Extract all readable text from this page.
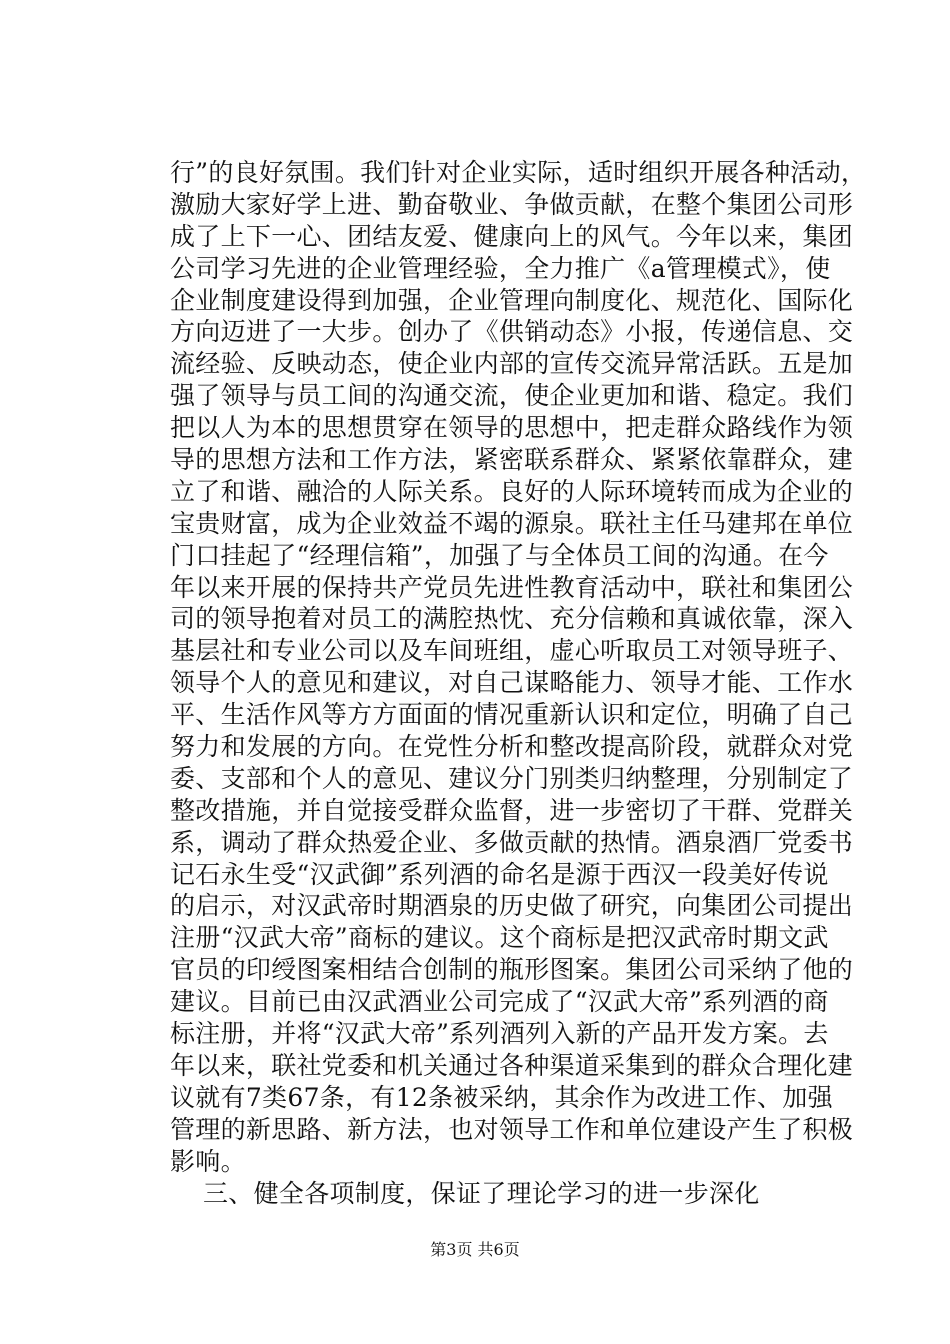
行”的良好氛围。我们针对企业实际，适时组织开展各种活动，
激励大家好学上进、勤奋敬业、争做贡献，在整个集团公司形
成了上下一心、团结友爱、健康向上的风气。今年以来，集团
公司学习先进的企业管理经验，全力推广《a管理模式》，使
企业制度建设得到加强，企业管理向制度化、规范化、国际化
方向迈进了一大步。创办了《供销动态》小报，传递信息、交
流经验、反映动态，使企业内部的宣传交流异常活跃。五是加
强了领导与员工间的沟通交流，使企业更加和谐、稳定。我们
把以人为本的思想贯穿在领导的思想中，把走群众路线作为领
导的思想方法和工作方法，紧密联系群众、紧紧依靠群众，建
立了和谐、融洽的人际关系。良好的人际环境转而成为企业的
宝贵财富，成为企业效益不竭的源泉。联社主任马建邦在单位
门口挂起了“经理信箱”，加强了与全体员工间的沟通。在今
年以来开展的保持共产党员先进性教育活动中，联社和集团公
司的领导抱着对员工的满腔热忱、充分信赖和真诚依靠，深入
基层社和专业公司以及车间班组，虚心听取员工对领导班子、
领导个人的意见和建议，对自己谋略能力、领导才能、工作水
平、生活作风等方方面面的情况重新认识和定位，明确了自己
努力和发展的方向。在党性分析和整改提高阶段，就群众对党
委、支部和个人的意见、建议分门别类归纳整理，分别制定了
整改措施，并自觉接受群众监督，进一步密切了干群、党群关
系，调动了群众热爱企业、多做贡献的热情。酒泉酒厂党委书
记石永生受“汉武御”系列酒的命名是源于西汉一段美好传说
的启示，对汉武帝时期酒泉的历史做了研究，向集团公司提出
注册“汉武大帝”商标的建议。这个商标是把汉武帝时期文武
官员的印绶图案相结合创制的瓶形图案。集团公司采纳了他的
建议。目前已由汉武酒业公司完成了“汉武大帝”系列酒的商
标注册，并将“汉武大帝”系列酒列入新的产品开发方案。去
年以来，联社党委和机关通过各种渠道采集到的群众合理化建
议就有7类67条，有12条被采纳，其余作为改进工作、加强
管理的新思路、新方法，也对领导工作和单位建设产生了积极
影响。
三、健全各项制度，保证了理论学习的进一步深化
第3页 共6页
